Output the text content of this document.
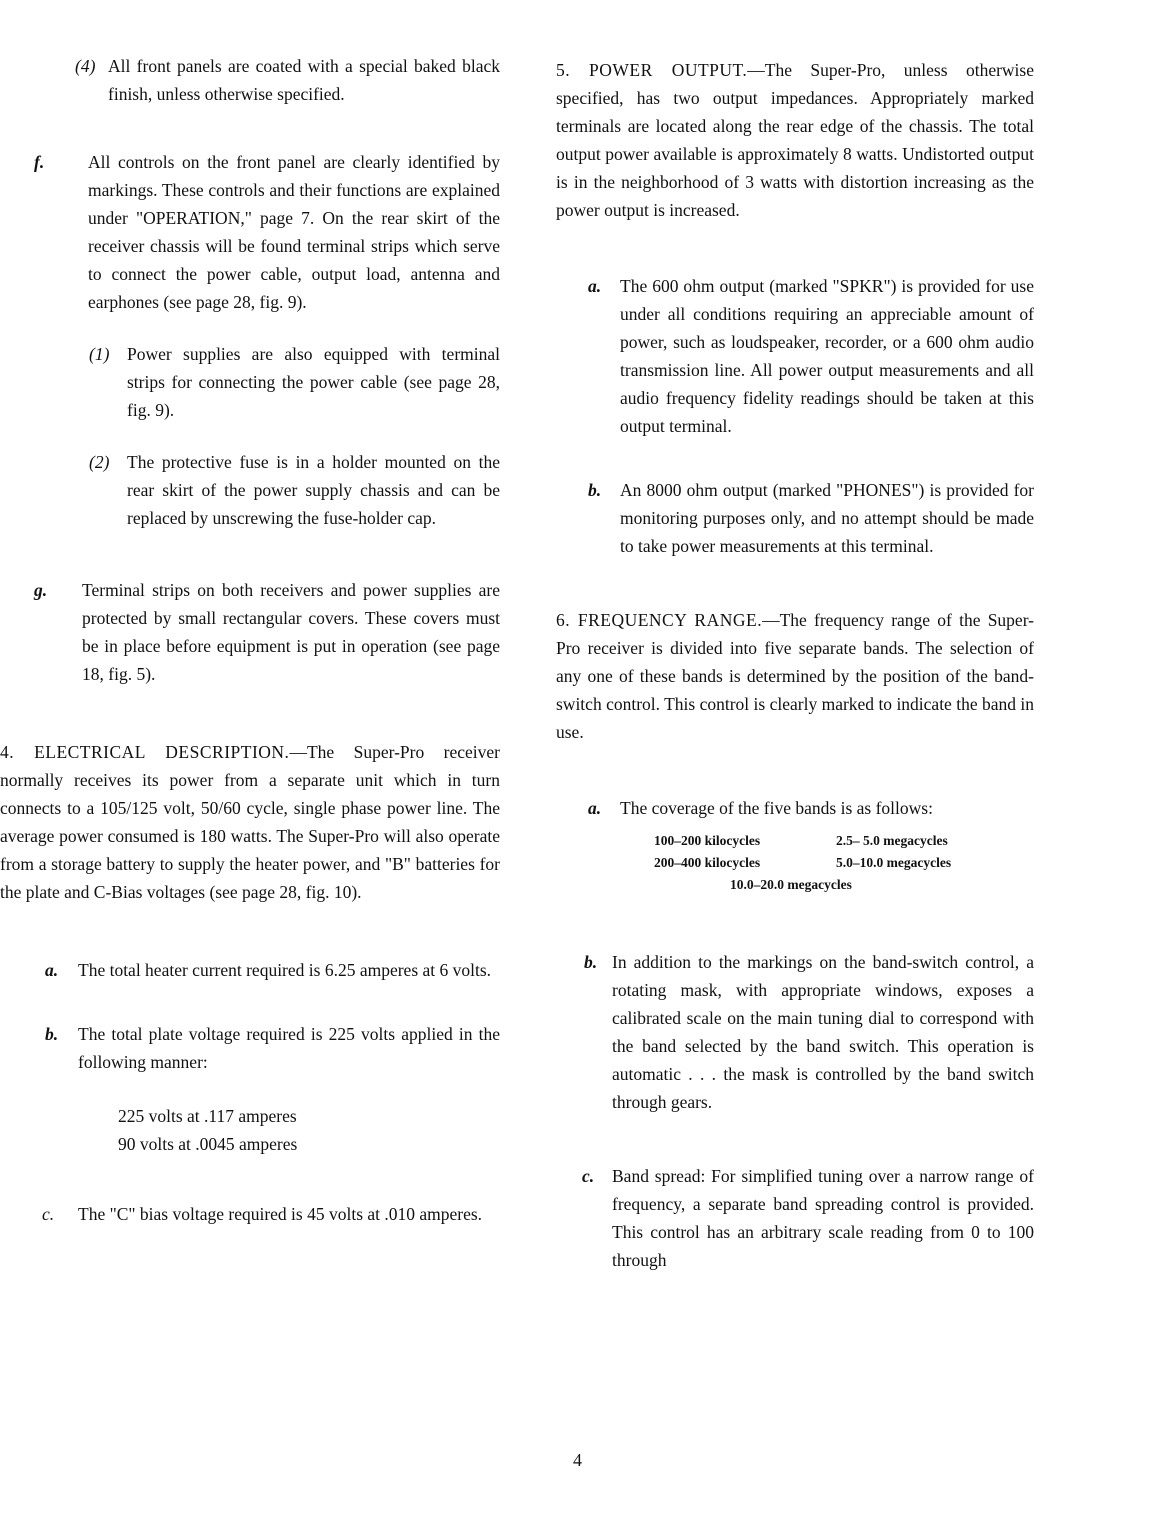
(4) All front panels are coated with a special baked black finish, unless otherwise specified.

f.	All controls on the front panel are clearly identified by markings. These controls and their functions are explained under "OPERATION," page 7. On the rear skirt of the receiver chassis will be found terminal strips which serve to connect the power cable, output load, antenna and earphones (see page 28, fig. 9).

(1) Power supplies are also equipped with terminal strips for connecting the power cable (see page 28, fig. 9).

(2) The protective fuse is in a holder mounted on the rear skirt of the power supply chassis and can be replaced by unscrewing the fuse-holder cap.

g. Terminal strips on both receivers and power supplies are protected by small rectangular covers. These covers must be in place before equipment is put in operation (see page 18, fig. 5).

4. ELECTRICAL DESCRIPTION.—The Super-Pro receiver normally receives its power from a separate unit which in turn connects to a 105/125 volt, 50/60 cycle, single phase power line. The average power consumed is 180 watts. The Super-Pro will also operate from a storage battery to supply the heater power, and "B" batteries for the plate and C-Bias voltages (see page 28, fig. 10).

a. The total heater current required is 6.25 amperes at 6 volts.

b. The total plate voltage required is 225 volts applied in the following manner:

225 volts at .117 amperes
90 volts at .0045 amperes
c. The "C" bias voltage required is 45 volts at .010 amperes.

5. POWER OUTPUT.—The Super-Pro, unless otherwise specified, has two output impedances. Appropriately marked terminals are located along the rear edge of the chassis. The total output power available is approximately 8 watts. Undistorted output is in the neighborhood of 3 watts with distortion increasing as the power output is increased.

a. The 600 ohm output (marked "SPKR") is provided for use under all conditions requiring an appreciable amount of power, such as loudspeaker, recorder, or a 600 ohm audio transmission line. All power output measurements and all audio frequency fidelity readings should be taken at this output terminal.

b. An 8000 ohm output (marked "PHONES") is provided for monitoring purposes only, and no attempt should be made to take power measurements at this terminal.

6. FREQUENCY RANGE.—The frequency range of the Super-Pro receiver is divided into five separate bands. The selection of any one of these bands is determined by the position of the band-switch control. This control is clearly marked to indicate the band in use.

a. The coverage of the five bands is as follows:

100–200 kilocycles	2.5– 5.0 megacycles
200–400 kilocycles	5.0–10.0 megacycles
10.0–20.0 megacycles
b. In addition to the markings on the band-switch control, a rotating mask, with appropriate windows, exposes a calibrated scale on the main tuning dial to correspond with the band selected by the band switch. This operation is automatic . . . the mask is controlled by the band switch through gears.

c. Band spread: For simplified tuning over a narrow range of frequency, a separate band spreading control is provided. This control has an arbitrary scale reading from 0 to 100 through

4
